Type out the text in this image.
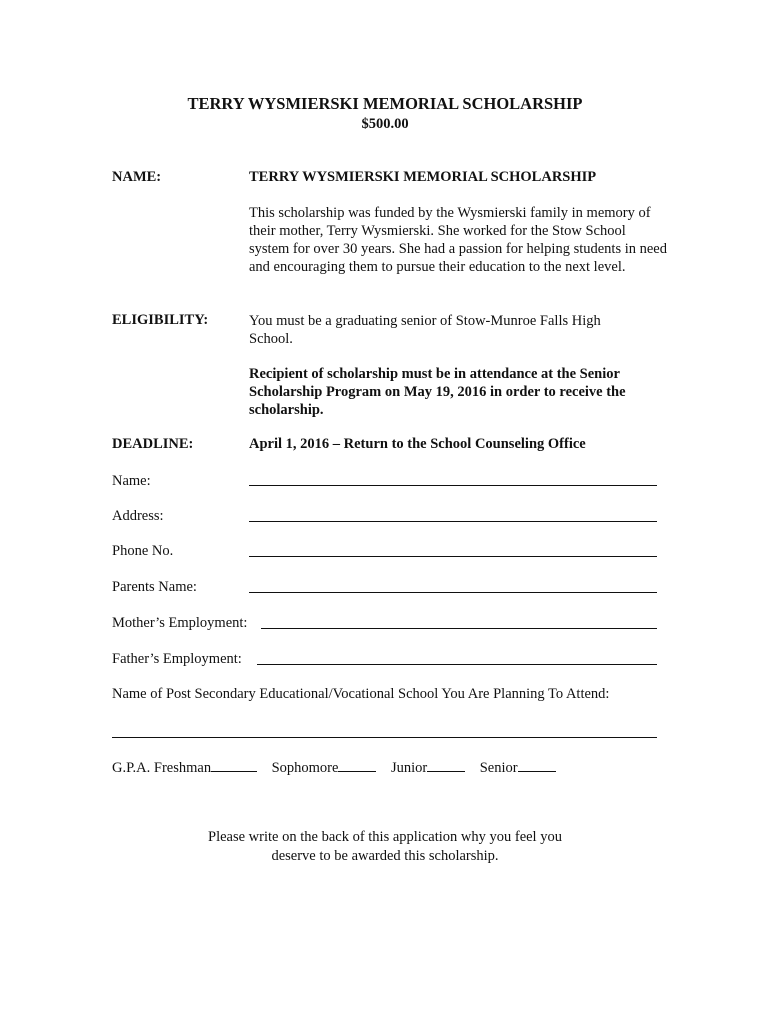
TERRY WYSMIERSKI MEMORIAL SCHOLARSHIP
$500.00
NAME:	TERRY WYSMIERSKI MEMORIAL SCHOLARSHIP
This scholarship was funded by the Wysmierski family in memory of their mother, Terry Wysmierski. She worked for the Stow School system for over 30 years. She had a passion for helping students in need and encouraging them to pursue their education to the next level.
ELIGIBILITY:	You must be a graduating senior of Stow-Munroe Falls High School.
Recipient of scholarship must be in attendance at the Senior Scholarship Program on May 19, 2016 in order to receive the scholarship.
DEADLINE:	April 1, 2016 – Return to the School Counseling Office
Name:
Address:
Phone No.
Parents Name:
Mother’s Employment:
Father’s Employment:
Name of Post Secondary Educational/Vocational School You Are Planning To Attend:
G.P.A. Freshman	Sophomore	Junior	Senior
Please write on the back of this application why you feel you
deserve to be awarded this scholarship.
